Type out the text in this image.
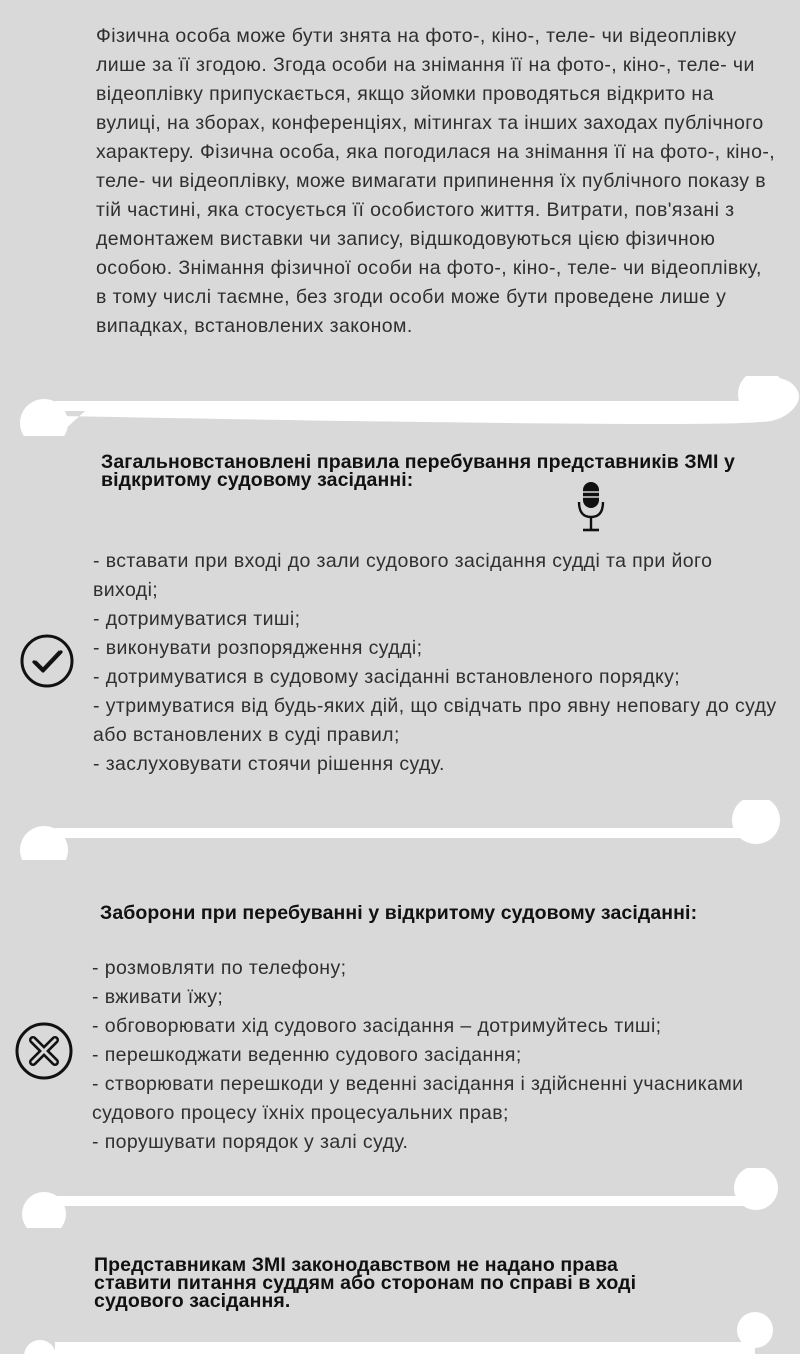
Фізична особа може бути знята на фото-, кіно-, теле- чи відеоплівку лише за її згодою. Згода особи на знімання її на фото-, кіно-, теле- чи відеоплівку припускається, якщо зйомки проводяться відкрито на вулиці, на зборах, конференціях, мітингах та інших заходах публічного характеру. Фізична особа, яка погодилася на знімання її на фото-, кіно-, теле- чи відеоплівку, може вимагати припинення їх публічного показу в тій частині, яка стосується її особистого життя. Витрати, пов'язані з демонтажем виставки чи запису, відшкодовуються цією фізичною особою. Знімання фізичної особи на фото-, кіно-, теле- чи відеоплівку, в тому числі таємне, без згоди особи може бути проведене лише у випадках, встановлених законом.
Загальновстановлені правила перебування представників ЗМІ у відкритому судовому засіданні:
- вставати при вході до зали судового засідання судді та при його виході;
- дотримуватися тиші;
- виконувати розпорядження судді;
- дотримуватися в судовому засіданні встановленого порядку;
- утримуватися від будь-яких дій, що свідчать про явну неповагу до суду або встановлених в суді правил;
- заслуховувати стоячи рішення суду.
Заборони при перебуванні у відкритому судовому засіданні:
- розмовляти по телефону;
- вживати їжу;
- обговорювати хід судового засідання – дотримуйтесь тиші;
- перешкоджати веденню судового засідання;
- створювати перешкоди у веденні засідання і здійсненні учасниками судового процесу їхніх процесуальних прав;
- порушувати порядок у залі суду.
Представникам ЗМІ законодавством не надано права ставити питання суддям або сторонам по справі в ході судового засідання.
